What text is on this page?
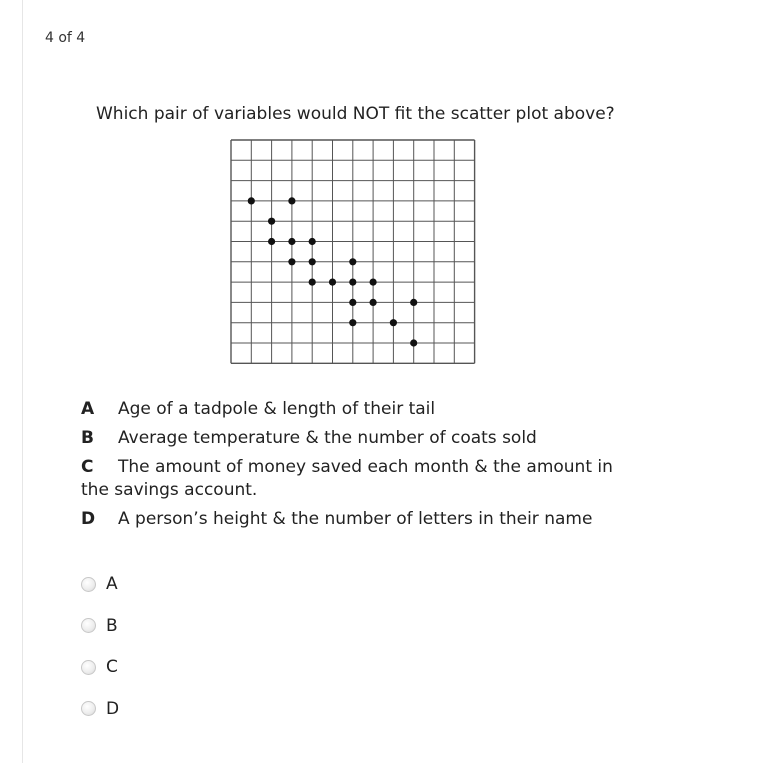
4 of 4
Which pair of variables would NOT fit the scatter plot above?
A Age of a tadpole & length of their tail
B Average temperature & the number of coats sold
C The amount of money saved each month & the amount in the savings account.
D A person’s height & the number of letters in their name
A
B
C
D
